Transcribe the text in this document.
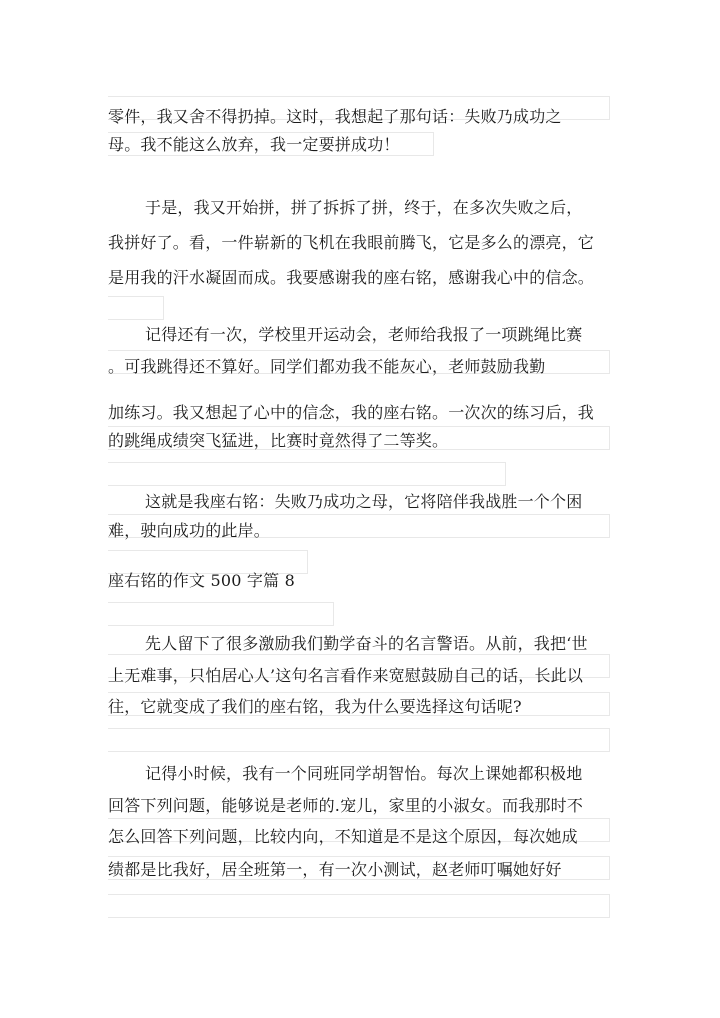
零件，我又舍不得扔掉。这时，我想起了那句话：失败乃成功之
母。我不能这么放弃，我一定要拼成功！
于是，我又开始拼，拼了拆拆了拼，终于，在多次失败之后，
我拼好了。看，一件崭新的飞机在我眼前腾飞，它是多么的漂亮，它
是用我的汗水凝固而成。我要感谢我的座右铭，感谢我心中的信念。
记得还有一次，学校里开运动会，老师给我报了一项跳绳比赛
。可我跳得还不算好。同学们都劝我不能灰心，老师鼓励我勤
加练习。我又想起了心中的信念，我的座右铭。一次次的练习后，我
的跳绳成绩突飞猛进，比赛时竟然得了二等奖。
这就是我座右铭：失败乃成功之母，它将陪伴我战胜一个个困
难，驶向成功的此岸。
座右铭的作文 500 字篇 8
先人留下了很多激励我们勤学奋斗的名言警语。从前，我把‘世
上无难事，只怕居心人’这句名言看作来宽慰鼓励自己的话，长此以
往，它就变成了我们的座右铭，我为什么要选择这句话呢?
记得小时候，我有一个同班同学胡智怡。每次上课她都积极地
回答下列问题，能够说是老师的.宠儿，家里的小淑女。而我那时不
怎么回答下列问题，比较内向，不知道是不是这个原因，每次她成
绩都是比我好，居全班第一，有一次小测试，赵老师叮嘱她好好
